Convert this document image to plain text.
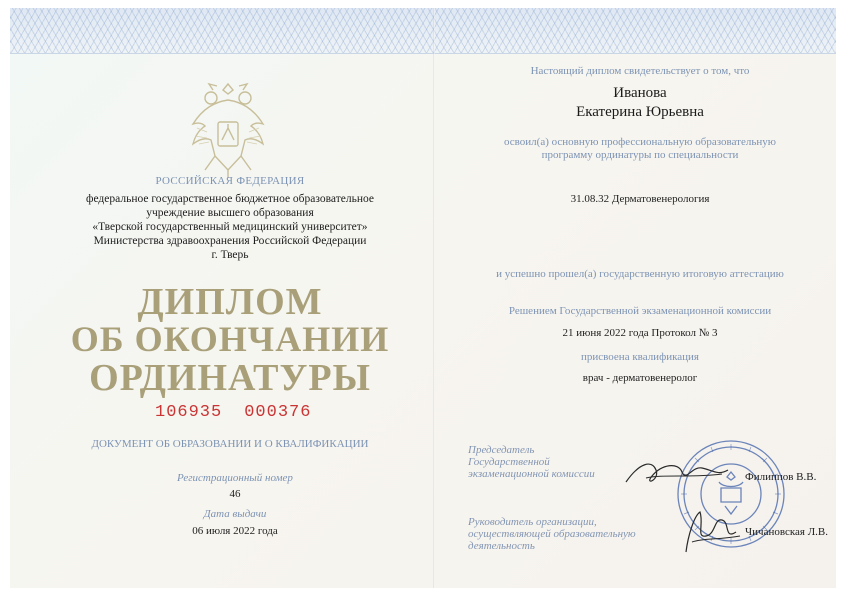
РОССИЙСКАЯ ФЕДЕРАЦИЯ
федеральное государственное бюджетное образовательное
учреждение высшего образования
«Тверской государственный медицинский университет»
Министерства здравоохранения Российской Федерации
г. Тверь
ДИПЛОМ
ОБ ОКОНЧАНИИ
ОРДИНАТУРЫ
106935 000376
ДОКУМЕНТ ОБ ОБРАЗОВАНИИ И О КВАЛИФИКАЦИИ
Регистрационный номер
46
Дата выдачи
06 июля 2022 года
Настоящий диплом свидетельствует о том, что
Иванова
Екатерина Юрьевна
освоил(а) основную профессиональную образовательную
программу ординатуры по специальности
31.08.32 Дерматовенерология
и успешно прошел(а) государственную итоговую аттестацию
Решением Государственной экзаменационной комиссии
21 июня 2022 года Протокол № 3
присвоена квалификация
врач - дерматовенеролог
Председатель
Государственной
экзаменационной комиссии
Руководитель организации,
осуществляющей образовательную
деятельность
Филиппов В.В.
Чичановская Л.В.
